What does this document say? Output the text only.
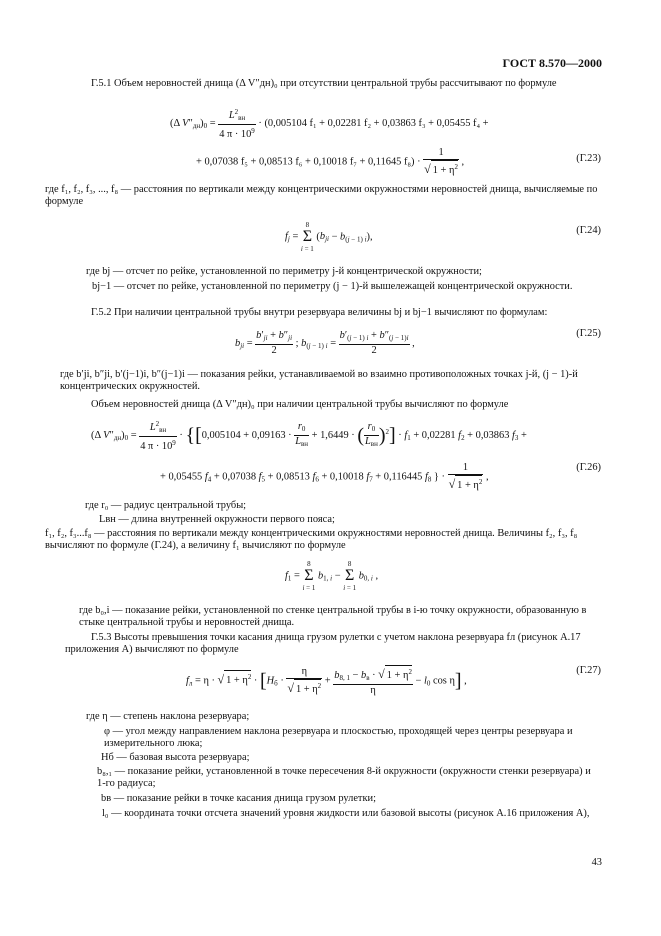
ГОСТ 8.570—2000
Г.5.1 Объем неровностей днища (Δ V″дн)₀ при отсутствии центральной трубы рассчитывают по формуле
(Δ $V''_{дн})_0 = \frac{L^2_{вн}}{4 \pi \cdot 10^9} \cdot (0,005104$ f₁ + 0,02281 f₂ + 0,03863 f₃ + 0,05455 f₄ +
+ 0,07038 f₅ + 0,08513 f₆ + 0,10018 f₇ + 0,11645 $f_8) \cdot \frac{1}{√ 1 + \eta^2}$ ,	(Г.23)
где f₁, f₂, f₃, ..., f₈ — расстояния по вертикали между концентрическими окружностями неровностей днища, вычисляемые по формуле
$f_j = 8$
Σ
i = 1 $(b_{ji} - b_{(j - 1) i})$,
(Г.24)
где bj — отсчет по рейке, установленной по периметру j-й концентрической окружности;
bj−1 — отсчет по рейке, установленной по периметру (j − 1)-й вышележащей концентрической окружности.
Г.5.2 При наличии центральной трубы внутри резервуара величины bj и bj−1 вычисляют по формулам:
$b_{ji} = \frac{b'_{ji} + b''_{ji}}{2}$ ; $b_{(j - 1) i} = \frac{b'_{(j - 1) i} + b''_{(j - 1)i}}{2}$ ,
(Г.25)
где b′ji, b″ji, b′(j−1)i, b″(j−1)i — показания рейки, устанавливаемой во взаимно противоположных точках j-й, (j − 1)-й концентрических окружностей.
Объем неровностей днища (Δ V″дн)₀ при наличии центральной трубы вычисляют по формуле
(Δ $V''_{дн})_0 = \frac{L^2_{вн}}{4 \pi \cdot 10^9} \cdot \{[0,005104 + 0,09163 \cdot \frac{r_0}{L_{вн}} + 1,6449$ · ( $\frac{r_0}{L_{вн}} )^2] \cdot f_1 + 0,02281$ $f_2 + 0,03863$ $f_3$ +
+ 0,05455 $f_4 + 0,07038$ $f_5 + 0,08513$ $f_6 + 0,10018$ $f_7 + 0,116445$ $f_8$ } · $\frac{1}{√ 1 + \eta^2}$ ,
(Г.26)
где r₀ — радиус центральной трубы;
Lвн — длина внутренней окружности первого пояса;
f₁, f₂, f₃...f₈ — расстояния по вертикали между концентрическими окружностями неровностей днища. Величины f₂, f₃, f₈ вычисляют по формуле (Г.24), а величину f₁ вычисляют по формуле
$f_1 = 8$
Σ
i = 1 $b_{1, i} - 8$
Σ
i = 1 $b_{0, i}$ ,
где b₀,i — показание рейки, установленной по стенке центральной трубы в i-ю точку окружности, образованную в стыке центральной трубы и неровностей днища.
Г.5.3 Высоты превышения точки касания днища грузом рулетки с учетом наклона резервуара fл (рисунок А.17 приложения А) вычисляют по формуле
$f_л = \eta$ · √ $1 + \eta^2 \cdot [H_б \cdot \frac{\eta}{√ 1 + \eta^2} + \frac{b_{8, 1} - b_в \cdot √ 1 + \eta^2}{\eta} - l_0$ cos η] ,
(Г.27)
где η — степень наклона резервуара;
φ — угол между направлением наклона резервуара и плоскостью, проходящей через центры резервуара и измерительного люка;
Hб — базовая высота резервуара;
b₈,₁ — показание рейки, установленной в точке пересечения 8-й окружности (окружности стенки резервуара) и 1-го радиуса;
bв — показание рейки в точке касания днища грузом рулетки;
l₀ — координата точки отсчета значений уровня жидкости или базовой высоты (рисунок А.16 приложения А),
43
